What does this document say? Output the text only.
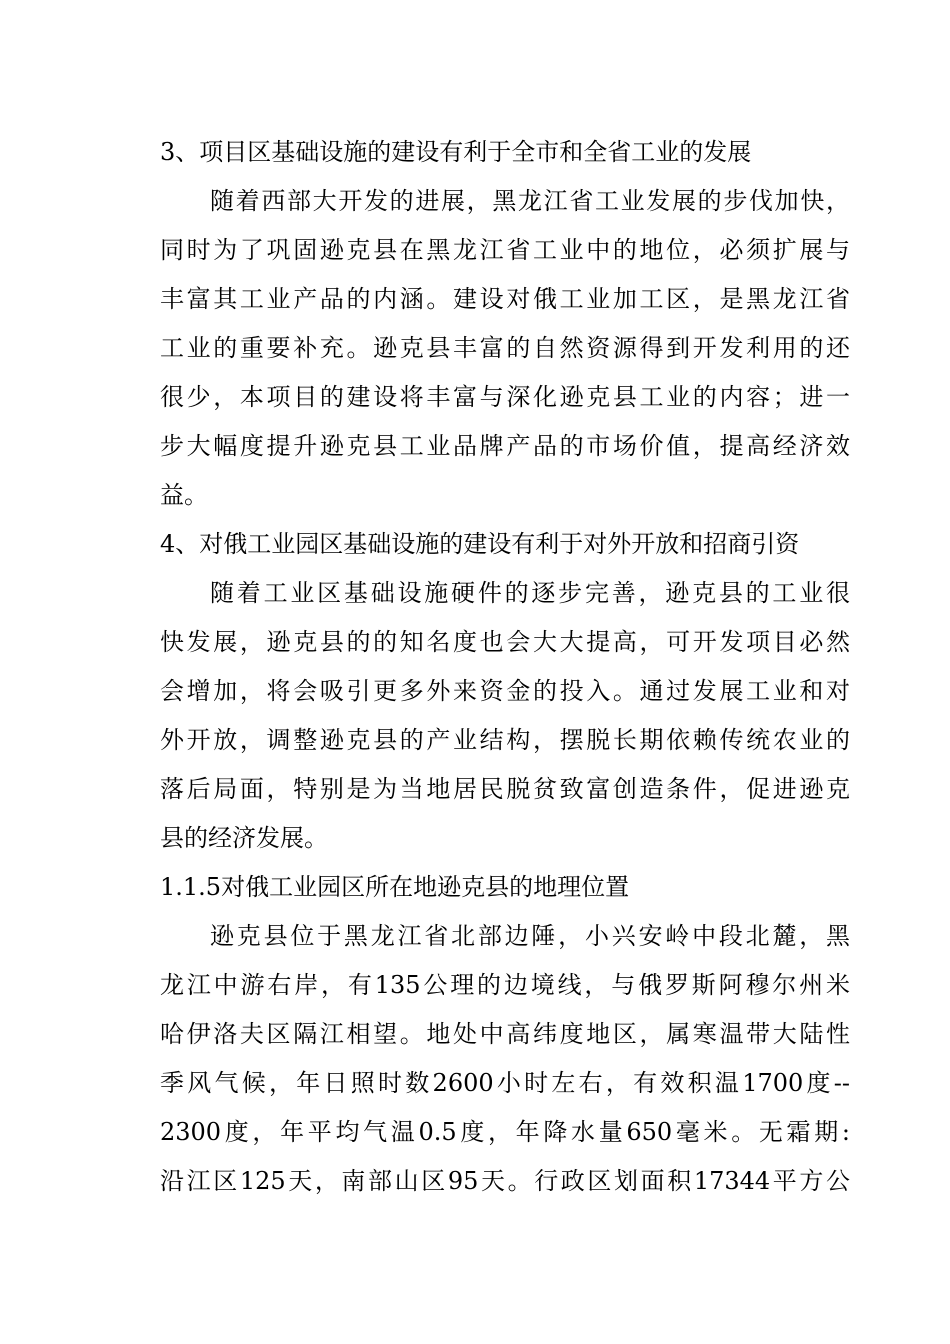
3、项目区基础设施的建设有利于全市和全省工业的发展
随着西部大开发的进展，黑龙江省工业发展的步伐加快，
同时为了巩固逊克县在黑龙江省工业中的地位，必须扩展与
丰富其工业产品的内涵。建设对俄工业加工区，是黑龙江省
工业的重要补充。逊克县丰富的自然资源得到开发利用的还
很少，本项目的建设将丰富与深化逊克县工业的内容；进一
步大幅度提升逊克县工业品牌产品的市场价值，提高经济效
益。
4、对俄工业园区基础设施的建设有利于对外开放和招商引资
随着工业区基础设施硬件的逐步完善，逊克县的工业很
快发展，逊克县的的知名度也会大大提高，可开发项目必然
会增加，将会吸引更多外来资金的投入。通过发展工业和对
外开放，调整逊克县的产业结构，摆脱长期依赖传统农业的
落后局面，特别是为当地居民脱贫致富创造条件，促进逊克
县的经济发展。
1.1.5对俄工业园区所在地逊克县的地理位置
逊克县位于黑龙江省北部边陲，小兴安岭中段北麓，黑
龙江中游右岸，有135公理的边境线，与俄罗斯阿穆尔州米
哈伊洛夫区隔江相望。地处中高纬度地区，属寒温带大陆性
季风气候，年日照时数2600小时左右，有效积温1700度--
2300度，年平均气温0.5度，年降水量650毫米。无霜期:
沿江区125天，南部山区95天。行政区划面积17344平方公
